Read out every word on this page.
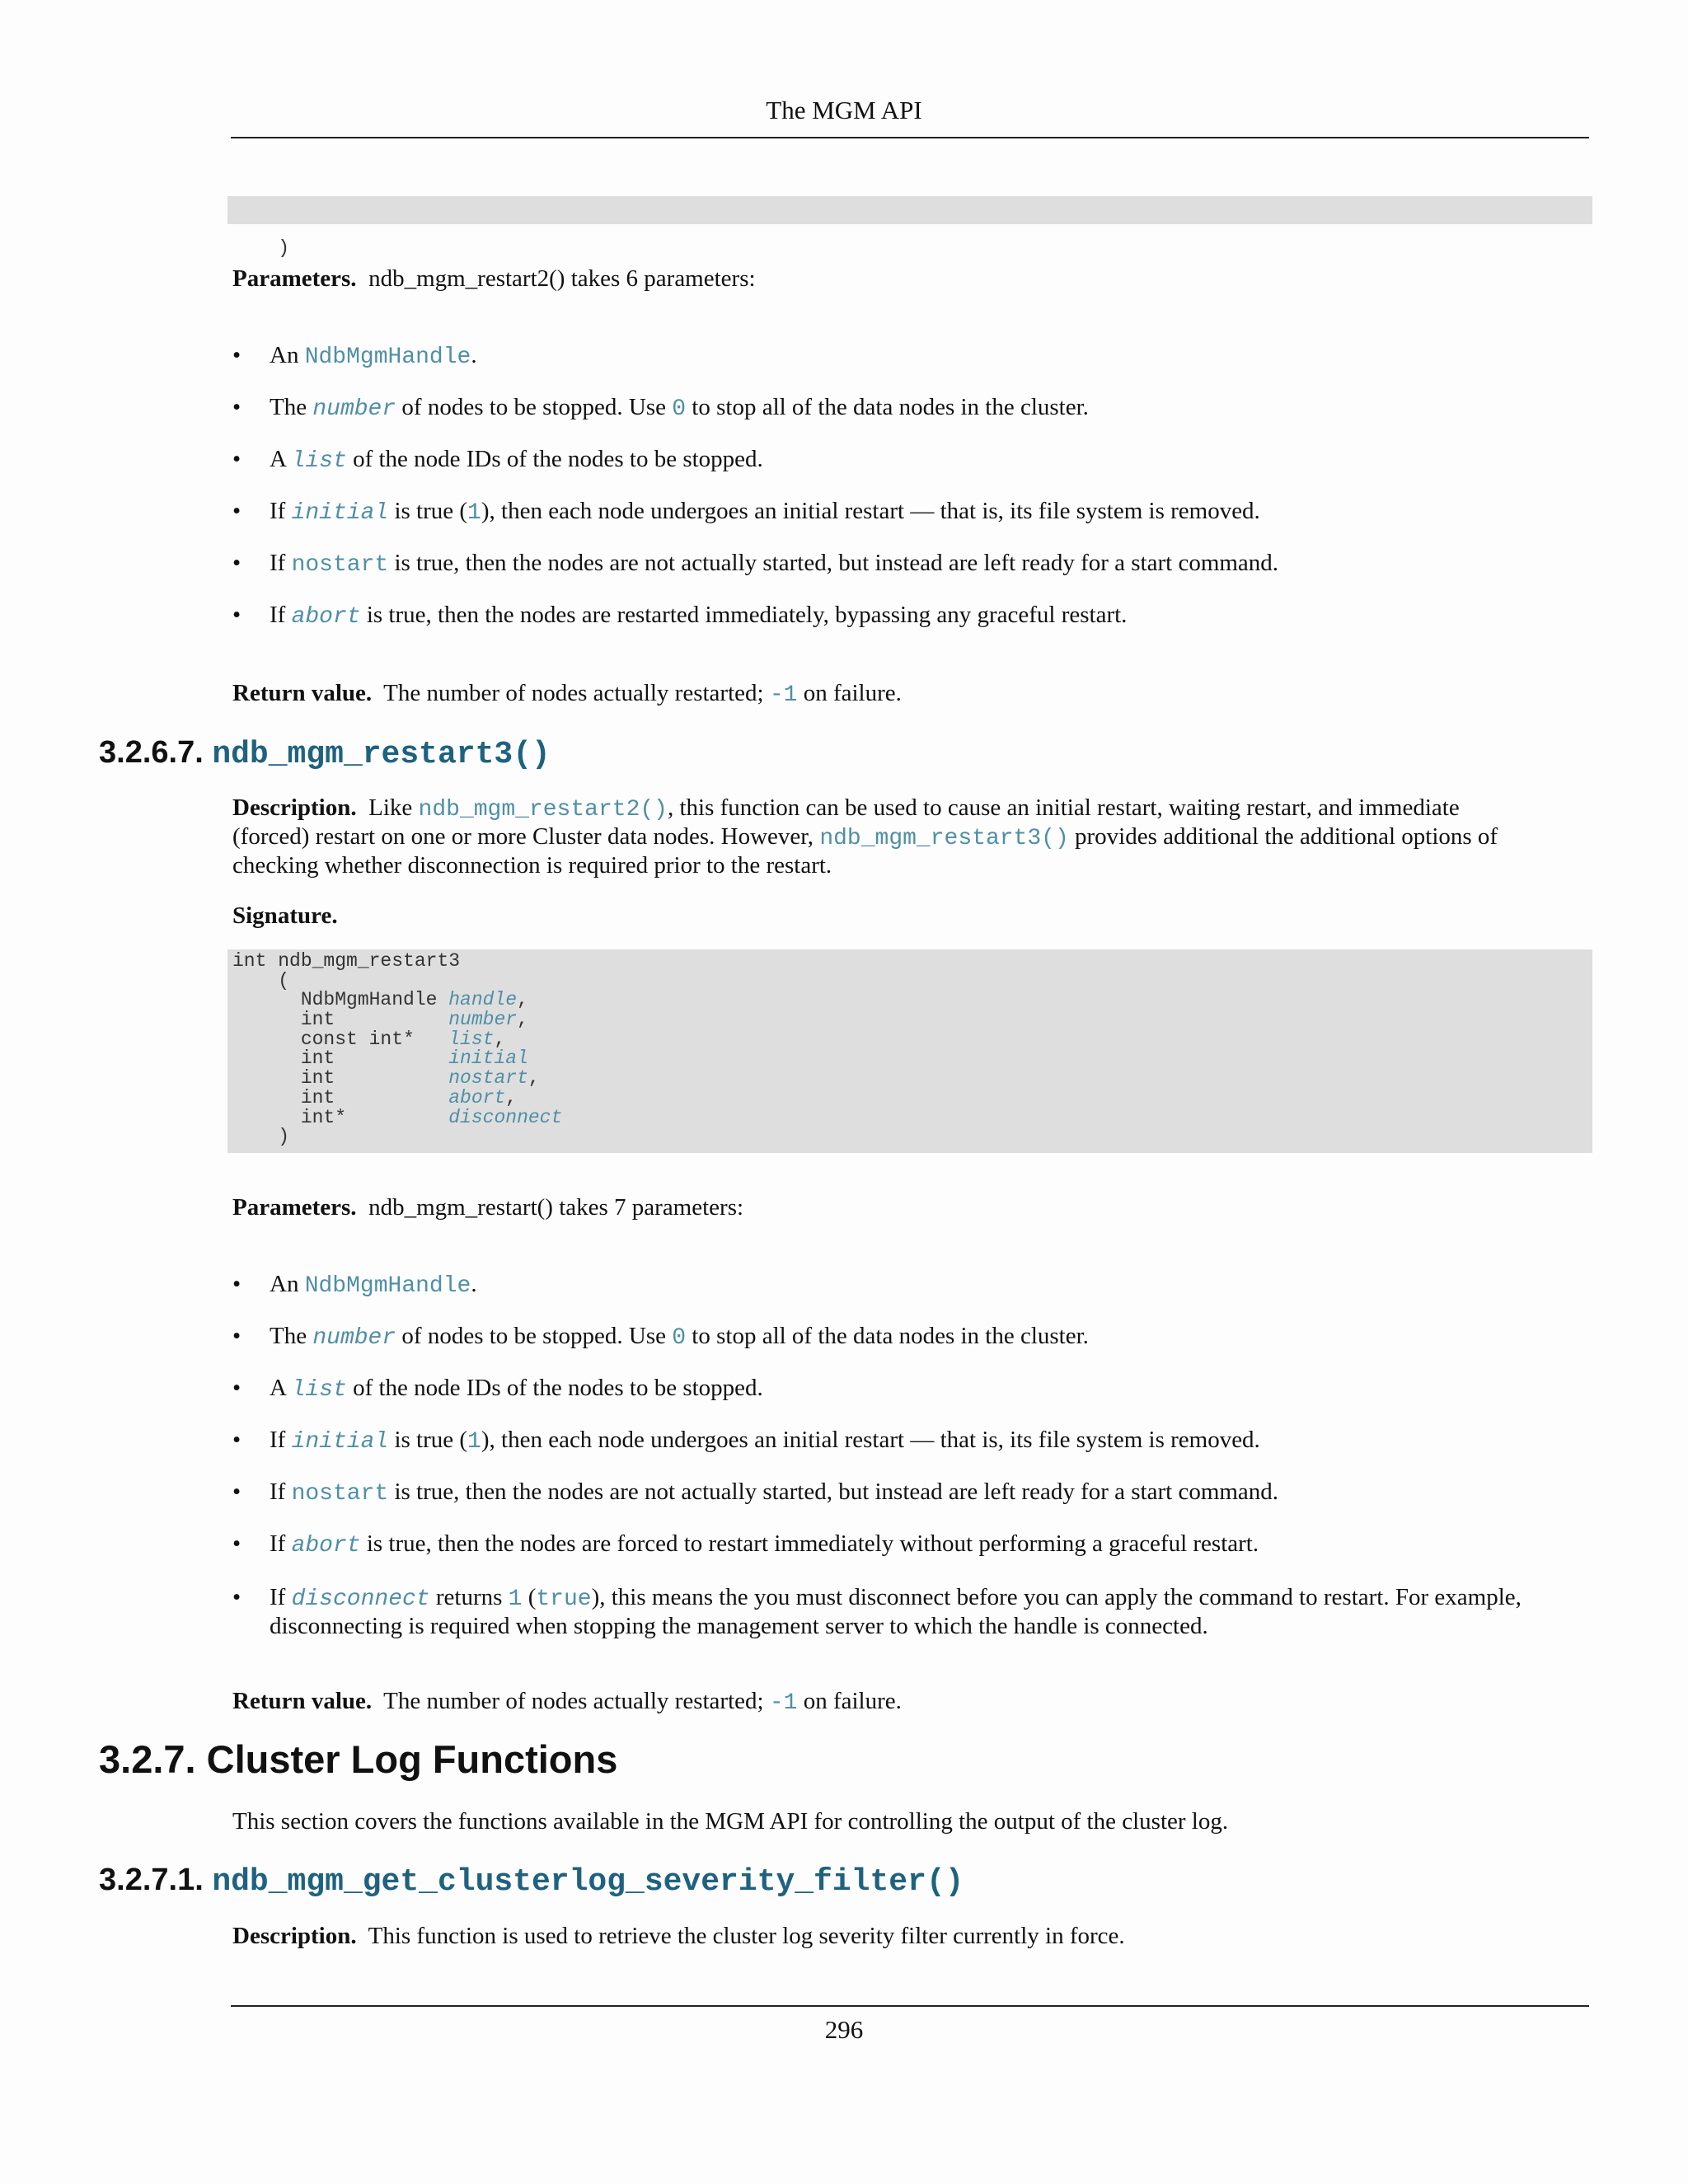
The MGM API

)

Parameters. ndb_mgm_restart2() takes 6 parameters:
• An NdbMgmHandle.
• The number of nodes to be stopped. Use 0 to stop all of the data nodes in the cluster.
• A list of the node IDs of the nodes to be stopped.
• If initial is true (1), then each node undergoes an initial restart — that is, its file system is removed.
• If nostart is true, then the nodes are not actually started, but instead are left ready for a start command.
• If abort is true, then the nodes are restarted immediately, bypassing any graceful restart.
Return value. The number of nodes actually restarted; -1 on failure.
3.2.6.7. ndb_mgm_restart3()
Description. Like ndb_mgm_restart2(), this function can be used to cause an initial restart, waiting restart, and immediate
(forced) restart on one or more Cluster data nodes. However, ndb_mgm_restart3() provides additional the additional options of
checking whether disconnection is required prior to the restart.
Signature.
int ndb_mgm_restart3
(
NdbMgmHandle handle,
int          number,
const int*   list,
int          initial
int          nostart,
int          abort,
int*         disconnect
)
Parameters. ndb_mgm_restart() takes 7 parameters:
• An NdbMgmHandle.
• The number of nodes to be stopped. Use 0 to stop all of the data nodes in the cluster.
• A list of the node IDs of the nodes to be stopped.
• If initial is true (1), then each node undergoes an initial restart — that is, its file system is removed.
• If nostart is true, then the nodes are not actually started, but instead are left ready for a start command.
• If abort is true, then the nodes are forced to restart immediately without performing a graceful restart.
• If disconnect returns 1 (true), this means the you must disconnect before you can apply the command to restart. For example,
disconnecting is required when stopping the management server to which the handle is connected.
Return value. The number of nodes actually restarted; -1 on failure.
3.2.7. Cluster Log Functions
This section covers the functions available in the MGM API for controlling the output of the cluster log.
3.2.7.1. ndb_mgm_get_clusterlog_severity_filter()
Description. This function is used to retrieve the cluster log severity filter currently in force.
296
